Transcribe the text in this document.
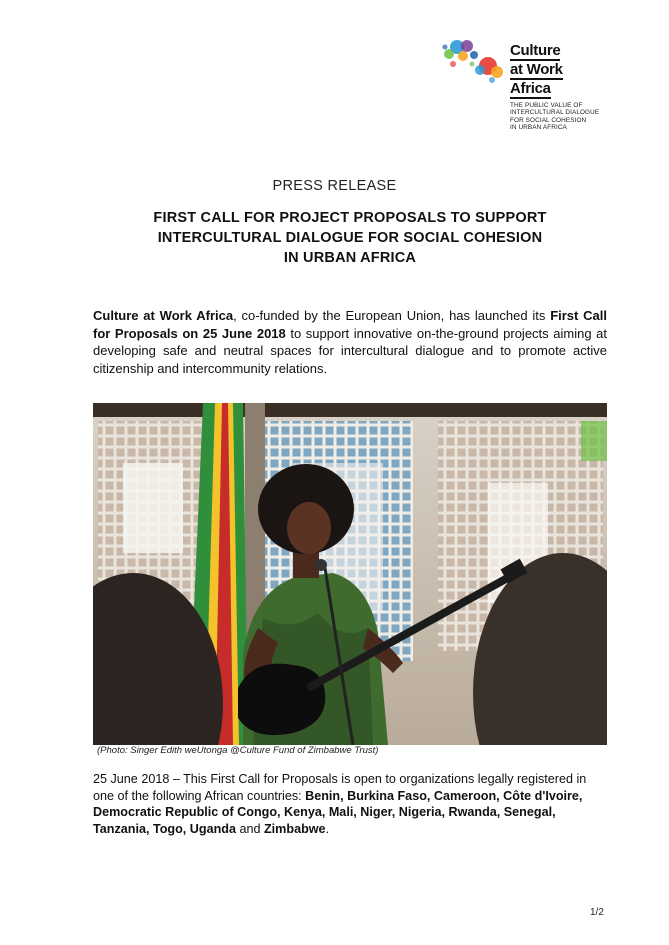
Culture
at Work
Africa
THE PUBLIC VALUE OF
INTERCULTURAL DIALOGUE
FOR SOCIAL COHESION
IN URBAN AFRICA
PRESS RELEASE
FIRST CALL FOR PROJECT PROPOSALS TO SUPPORT
INTERCULTURAL DIALOGUE FOR SOCIAL COHESION
IN URBAN AFRICA
Culture at Work Africa, co-funded by the European Union, has launched its First Call for Proposals on 25 June 2018 to support innovative on-the-ground projects aiming at developing safe and neutral spaces for intercultural dialogue and to promote active citizenship and intercommunity relations.
(Photo: Singer Edith weUtonga @Culture Fund of Zimbabwe Trust)
25 June 2018 – This First Call for Proposals is open to organizations legally registered in one of the following African countries: Benin, Burkina Faso, Cameroon, Côte d'Ivoire, Democratic Republic of Congo, Kenya, Mali, Niger, Nigeria, Rwanda, Senegal, Tanzania, Togo, Uganda and Zimbabwe.
1/2
